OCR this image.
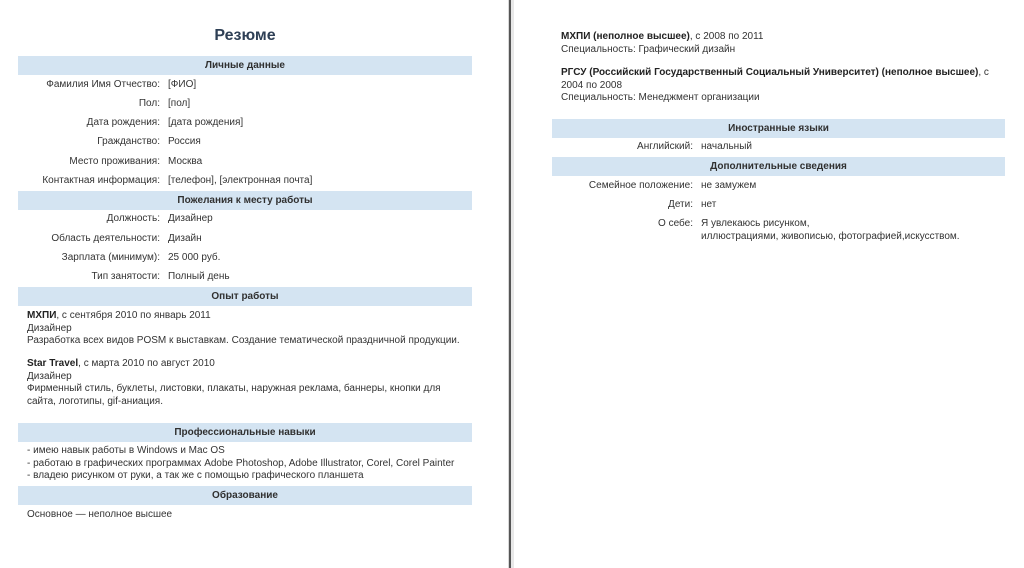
Резюме
Личные данные
Фамилия Имя Отчество: [ФИО]
Пол: [пол]
Дата рождения: [дата рождения]
Гражданство: Россия
Место проживания: Москва
Контактная информация: [телефон], [электронная почта]
Пожелания к месту работы
Должность: Дизайнер
Область деятельности: Дизайн
Зарплата (минимум): 25 000 руб.
Тип занятости: Полный день
Опыт работы
МХПИ, с сентября 2010 по январь 2011
Дизайнер
Разработка всех видов POSM к выставкам. Создание тематической праздничной продукции.
Star Travel, с марта 2010 по август 2010
Дизайнер
Фирменный стиль, буклеты, листовки, плакаты, наружная реклама, баннеры, кнопки для
сайта, логотипы, gif-аниация.
Профессиональные навыки
- имею навык работы в Windows и Mac OS
- работаю в графических программах Adobe Photoshop, Adobe Illustrator, Corel, Corel Painter
- владею рисунком от руки, а так же с помощью графического планшета
Образование
Основное — неполное высшее
МХПИ (неполное высшее), с 2008 по 2011
Специальность: Графический дизайн
РГСУ (Российский Государственный Социальный Университет) (неполное высшее), с
2004 по 2008
Специальность: Менеджмент организации
Иностранные языки
Английский: начальный
Дополнительные сведения
Семейное положение: не замужем
Дети: нет
О себе: Я увлекаюсь рисунком,
иллюстрациями, живописью, фотографией,искусством.
